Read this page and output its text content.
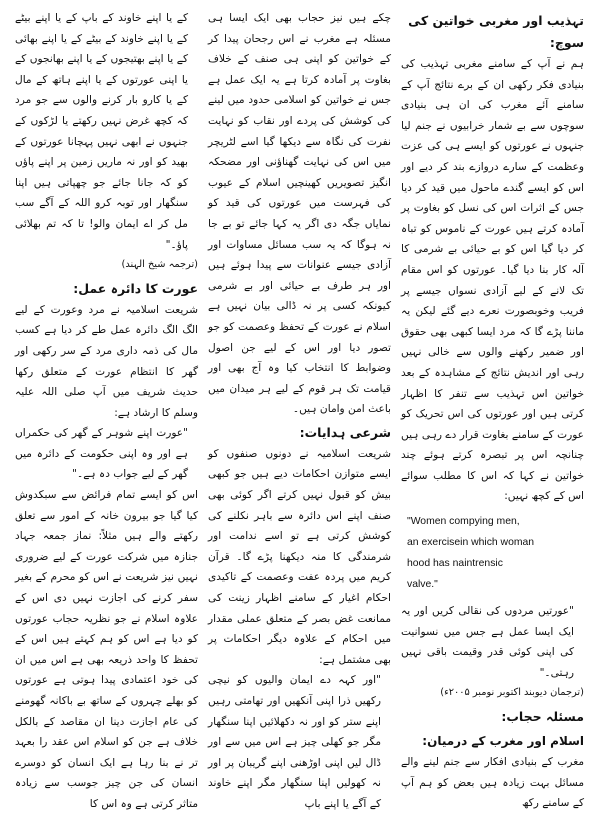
تہذیب اور مغربی خواتین کی سوچ:

ہم نے آپ کے سامنے مغربی تہذیب کی بنیادی فکر رکھی ان کے برے نتائج آپ کے سامنے آئے مغرب کی ان ہی بنیادی سوچوں سے بے شمار خرابیوں نے جنم لیا جنہوں نے عورتوں کو ایسے ہی کی عزت وعظمت کے سارے دروازے بند کر دیے اور اس کو ایسے گندے ماحول میں قید کر دیا جس کے اثرات اس کی نسل کو بغاوت پر آمادہ کرتے ہیں عورت کے ناموس کو تباہ کر دیا گیا اس کو بے حیائی بے شرمی کا آلہ کار بنا دیا گیا۔ عورتوں کو اس مقام تک لانے کے لیے آزادی نسواں جیسے پر فریب وخوبصورت نعرے دیے گئے لیکن یہ ماننا پڑے گا کہ مرد ایسا کبھی بھی حقوق اور ضمیر رکھنے والوں سے خالی نہیں رہی اور اندیش نتائج کے مشاہدہ کے بعد خواتین اس تہذیب سے تنفر کا اظہار کرتی ہیں اور عورتوں کی اس تحریک کو عورت کے سامنے بغاوت قرار دے رہی ہیں چنانچہ اس پر تبصرہ کرتے ہوئے چند خواتین نے کہا کہ اس کا مطلب سوائے اس کے کچھ نہیں:

"Women compying men,

an exercisein which woman

hood has naintrensic

valve."

"عورتیں مردوں کی نقالی کریں اور یہ ایک ایسا عمل ہے جس میں نسوانیت کی اپنی کوئی قدر وقیمت باقی نہیں رہتی۔"

(ترجمان دیوبند اکتوبر نومبر ۲۰۰۵ء)

مسئلہ حجاب:
اسلام اور مغرب کے درمیان:

مغرب کے بنیادی افکار سے جنم لینے والے مسائل بہت زیادہ ہیں بعض کو ہم آپ کے سامنے رکھ

چکے ہیں نیز حجاب بھی ایک ایسا ہی مسئلہ ہے مغرب نے اس رجحان پیدا کر کے خواتین کو اپنی ہی صنف کے خلاف بغاوت پر آمادہ کرتا ہے یہ ایک عمل ہے جس نے خواتین کو اسلامی حدود میں لینے کی کوشش کی پردے اور نقاب کو نہایت نفرت کی نگاہ سے دیکھا گیا اسے لٹریچر میں اس کی نہایت گھناؤنی اور مضحکہ انگیز تصویریں کھینچیں اسلام کے عیوب کی فہرست میں عورتوں کی قید کو نمایاں جگہ دی اگر یہ کہا جائے تو بے جا نہ ہوگا کہ یہ سب مسائل مساوات اور آزادی جیسے عنوانات سے پیدا ہوئے ہیں اور ہر طرف بے حیائی اور بے شرمی کیونکہ کسی پر نہ ڈالی بیان نہیں ہے اسلام نے عورت کے تحفظ وعصمت کو جو تصور دیا اور اس کے لیے جن اصول وضوابط کا انتخاب کیا وہ آج بھی اور قیامت تک ہر قوم کے لیے ہر میدان میں باعث امن وامان ہیں۔

شرعی ہدایات:

شریعت اسلامیہ نے دونوں صنفوں کو ایسے متوازن احکامات دیے ہیں جو کبھی بیش کو قبول نہیں کرتے اگر کوئی بھی صنف اپنے اس دائرہ سے باہر نکلنے کی کوشش کرتی ہے تو اسے ندامت اور شرمندگی کا منہ دیکھنا پڑے گا۔ قرآن کریم میں پردہ عفت وعصمت کے تاکیدی احکام اغیار کے سامنے اظہار زینت کی ممانعت غض بصر کے متعلق عملی مقدار میں احکام کے علاوہ دیگر احکامات پر بھی مشتمل ہے:

"اور کہہ دے ایمان والیوں کو نیچی رکھیں ذرا اپنی آنکھیں اور تھامتی رہیں اپنے ستر کو اور نہ دکھلائیں اپنا سنگھار مگر جو کھلی چیز ہے اس میں سے اور ڈال لیں اپنی اوڑھنی اپنے گریبان پر اور نہ کھولیں اپنا سنگھار مگر اپنے خاوند کے آگے یا اپنے باپ

کے یا اپنے خاوند کے باپ کے یا اپنے بیٹے کے یا اپنے خاوند کے بیٹے کے یا اپنے بھائی کے یا اپنے بھتیجوں کے یا اپنے بھانجوں کے یا اپنی عورتوں کے یا اپنے ہاتھ کے مال کے یا کارو بار کرنے والوں سے جو مرد کہ کچھ غرض نہیں رکھتے یا لڑکوں کے جنہوں نے ابھی نہیں پہچانا عورتوں کے بھید کو اور نہ ماریں زمین پر اپنے پاؤں کو کہ جانا جائے جو چھپاتی ہیں اپنا سنگھار اور توبہ کرو اللہ کے آگے سب مل کر اے ایمان والو! تا کہ تم بھلائی پاؤ۔"

(ترجمہ شیخ الہند)

عورت کا دائرہ عمل:

شریعت اسلامیہ نے مرد وعورت کے لیے الگ الگ دائرہ عمل طے کر دیا ہے کسب مال کی ذمہ داری مرد کے سر رکھی اور گھر کا انتظام عورت کے متعلق رکھا حدیث شریف میں آپ صلی اللہ علیہ وسلم کا ارشاد ہے:

"عورت اپنے شوہر کے گھر کی حکمراں ہے اور وہ اپنی حکومت کے دائرہ میں گھر کے لیے جواب دہ ہے۔"

اس کو ایسے تمام فرائض سے سبکدوش کیا گیا جو بیرون خانہ کے امور سے تعلق رکھتے والے ہیں مثلاً: نماز جمعہ جہاد جنازہ میں شرکت عورت کے لیے ضروری نہیں نیز شریعت نے اس کو محرم کے بغیر سفر کرنے کی اجازت نہیں دی اس کے علاوہ اسلام نے جو نظریہ حجاب عورتوں کو دیا ہے اس کو ہم کہتے ہیں اس کے تحفظ کا واحد ذریعہ بھی ہے اس میں ان کی خود اعتمادی پیدا ہوتی ہے عورتوں کو بھلے چہروں کے ساتھ بے باکانہ گھومنے کی عام اجازت دینا ان مقاصد کے بالکل خلاف ہے جن کو اسلام اس عقد را بعہد تر نے بنا رہا ہے ایک انسان کو دوسرے انسان کی جن چیز جوسب سے زیادہ متاثر کرتی ہے وہ اس کا
